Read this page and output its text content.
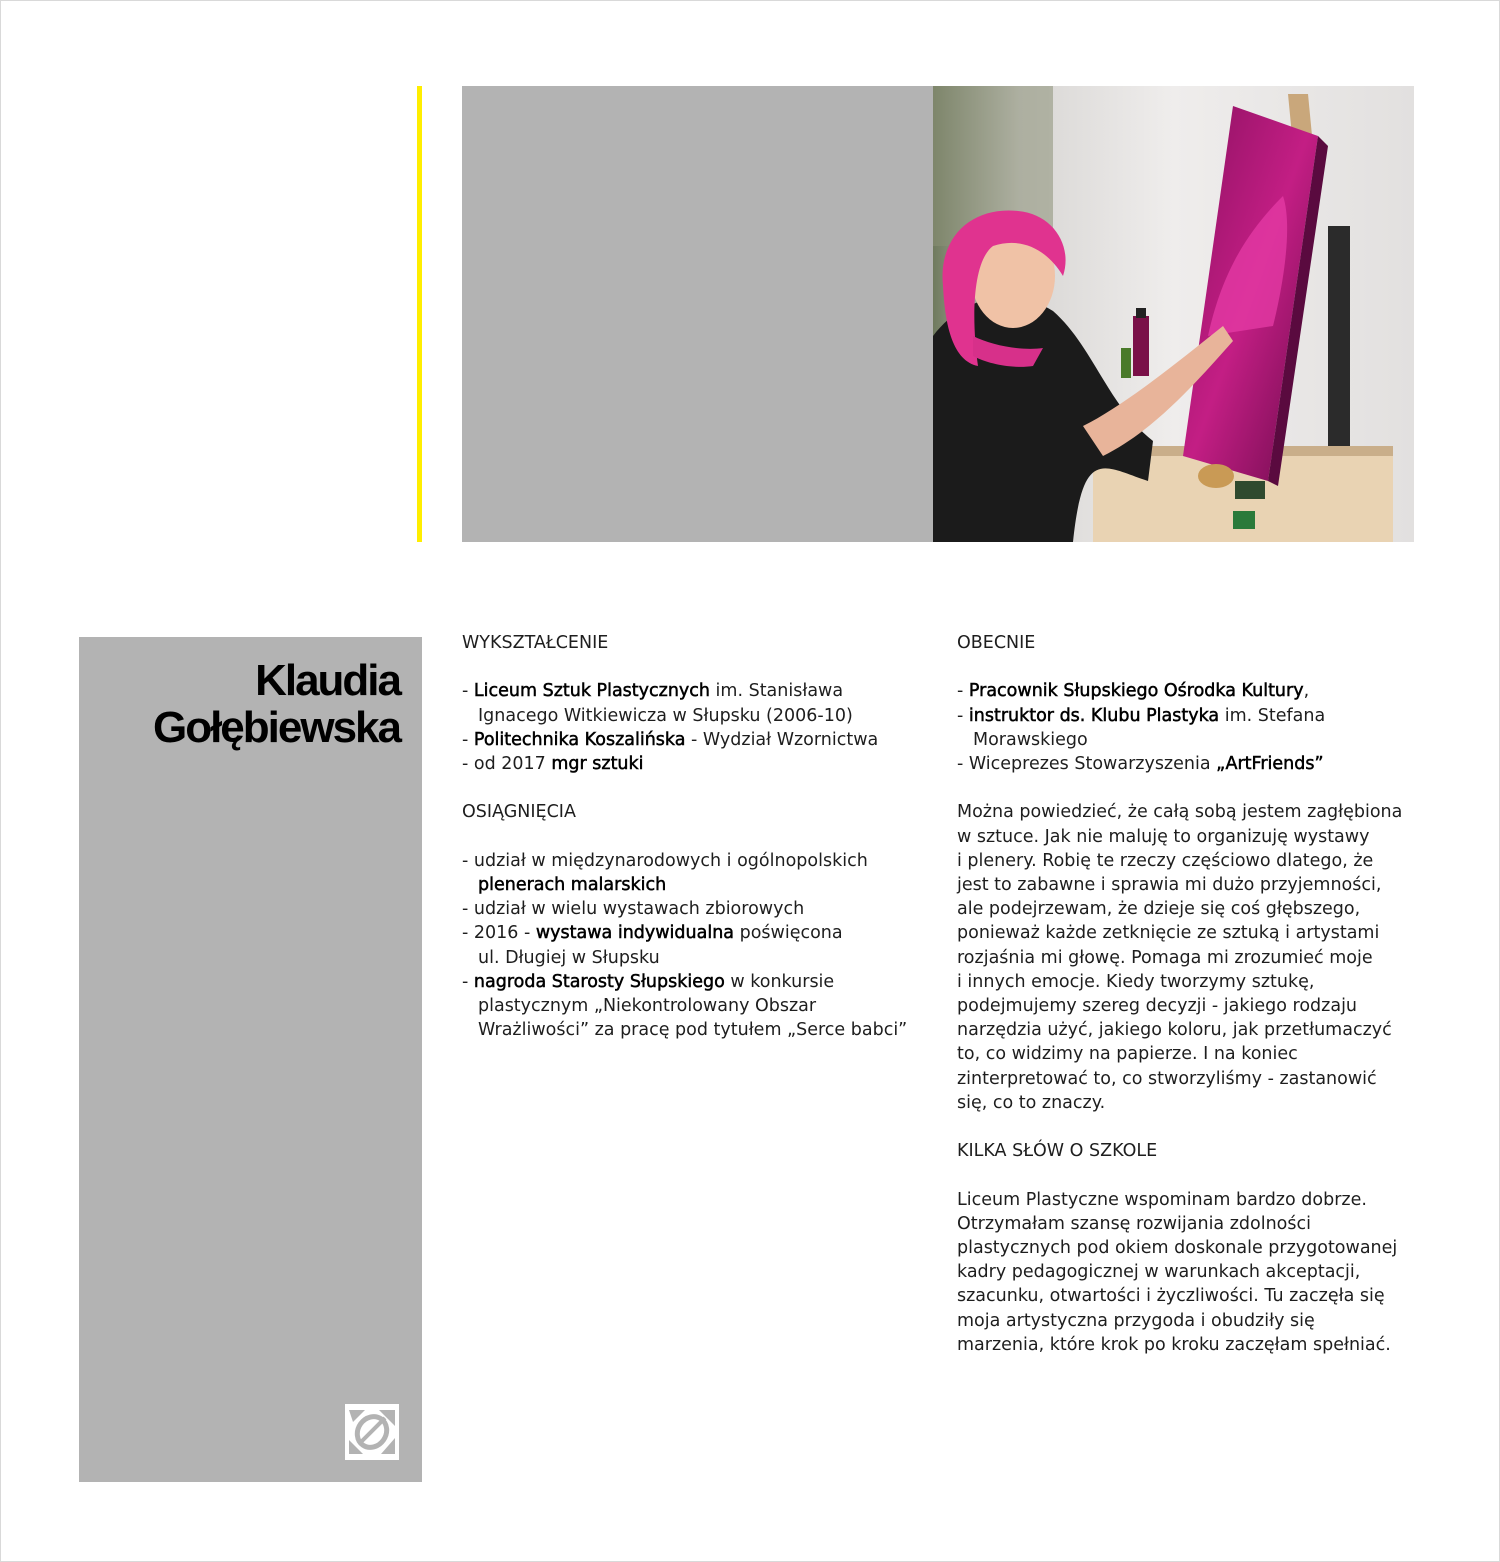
Klaudia
Gołębiewska

WYKSZTAŁCENIE

- Liceum Sztuk Plastycznych im. Stanisława
Ignacego Witkiewicza w Słupsku (2006-10)

- Politechnika Koszalińska - Wydział Wzornictwa

- od 2017 mgr sztuki

OSIĄGNIĘCIA

- udział w międzynarodowych i ogólnopolskich
plenerach malarskich

- udział w wielu wystawach zbiorowych

- 2016 - wystawa indywidualna poświęcona
ul. Długiej w Słupsku

- nagroda Starosty Słupskiego w konkursie
plastycznym „Niekontrolowany Obszar
Wrażliwości” za pracę pod tytułem „Serce babci”

OBECNIE

- Pracownik Słupskiego Ośrodka Kultury,

- instruktor ds. Klubu Plastyka im. Stefana
Morawskiego

- Wiceprezes Stowarzyszenia „ArtFriends”

Można powiedzieć, że całą sobą jestem zagłębiona
w sztuce. Jak nie maluję to organizuję wystawy
i plenery. Robię te rzeczy częściowo dlatego, że
jest to zabawne i sprawia mi dużo przyjemności,
ale podejrzewam, że dzieje się coś głębszego,
ponieważ każde zetknięcie ze sztuką i artystami
rozjaśnia mi głowę. Pomaga mi zrozumieć moje
i innych emocje. Kiedy tworzymy sztukę,
podejmujemy szereg decyzji - jakiego rodzaju
narzędzia użyć, jakiego koloru, jak przetłumaczyć
to, co widzimy na papierze. I na koniec
zinterpretować to, co stworzyliśmy - zastanowić
się, co to znaczy.

KILKA SŁÓW O SZKOLE

Liceum Plastyczne wspominam bardzo dobrze.
Otrzymałam szansę rozwijania zdolności
plastycznych pod okiem doskonale przygotowanej
kadry pedagogicznej w warunkach akceptacji,
szacunku, otwartości i życzliwości. Tu zaczęła się
moja artystyczna przygoda i obudziły się
marzenia, które krok po kroku zaczęłam spełniać.
